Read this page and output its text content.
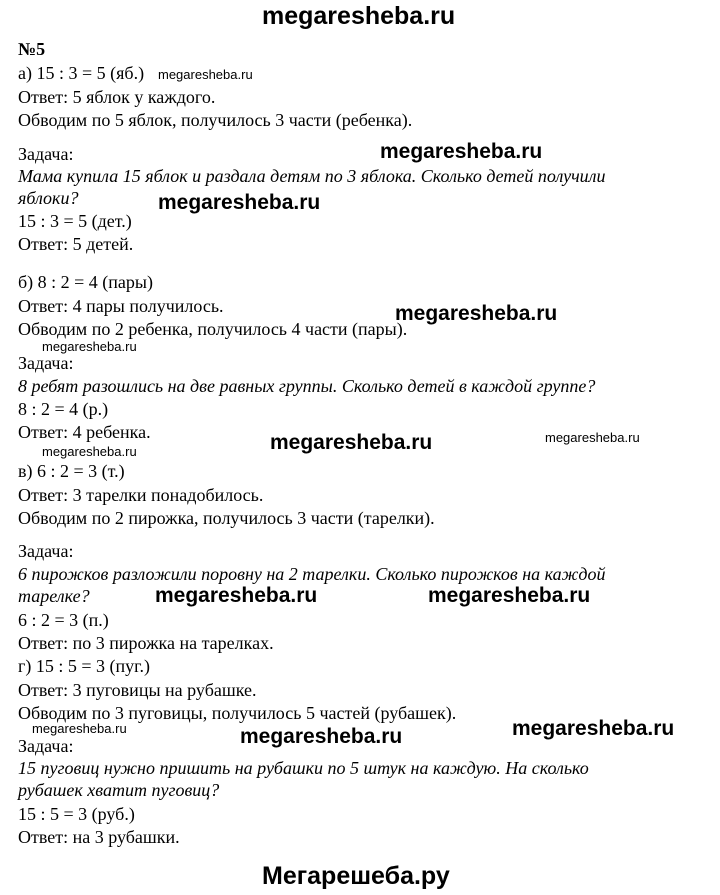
megaresheba.ru
№5
а) 15 : 3 = 5 (яб.)
Ответ: 5 яблок у каждого.
Обводим по 5 яблок, получилось 3 части (ребенка).
Задача:
Мама купила 15 яблок и раздала детям по 3 яблока. Сколько детей получили
яблоки?
15 : 3 = 5 (дет.)
Ответ: 5 детей.
б) 8 : 2 = 4 (пары)
Ответ: 4 пары получилось.
Обводим по 2 ребенка, получилось 4 части (пары).
Задача:
8 ребят разошлись на две равных группы. Сколько детей в каждой группе?
8 : 2 = 4 (р.)
Ответ: 4 ребенка.
в) 6 : 2 = 3 (т.)
Ответ: 3 тарелки понадобилось.
Обводим по 2 пирожка, получилось 3 части (тарелки).
Задача:
6 пирожков разложили поровну на 2 тарелки. Сколько пирожков на каждой
тарелке?
6 : 2 = 3 (п.)
Ответ: по 3 пирожка на тарелках.
г) 15 : 5 = 3 (пуг.)
Ответ: 3 пуговицы на рубашке.
Обводим по 3 пуговицы, получилось 5 частей (рубашек).
Задача:
15 пуговиц нужно пришить на рубашки по 5 штук на каждую. На сколько
рубашек хватит пуговиц?
15 : 5 = 3 (руб.)
Ответ: на 3 рубашки.
megaresheba.ru
megaresheba.ru
megaresheba.ru
megaresheba.ru
megaresheba.ru
megaresheba.ru	megaresheba.ru
megaresheba.ru
megaresheba.ru	megaresheba.ru
megaresheba.ru	megaresheba.ru	megaresheba.ru
Мегарешеба.ру
